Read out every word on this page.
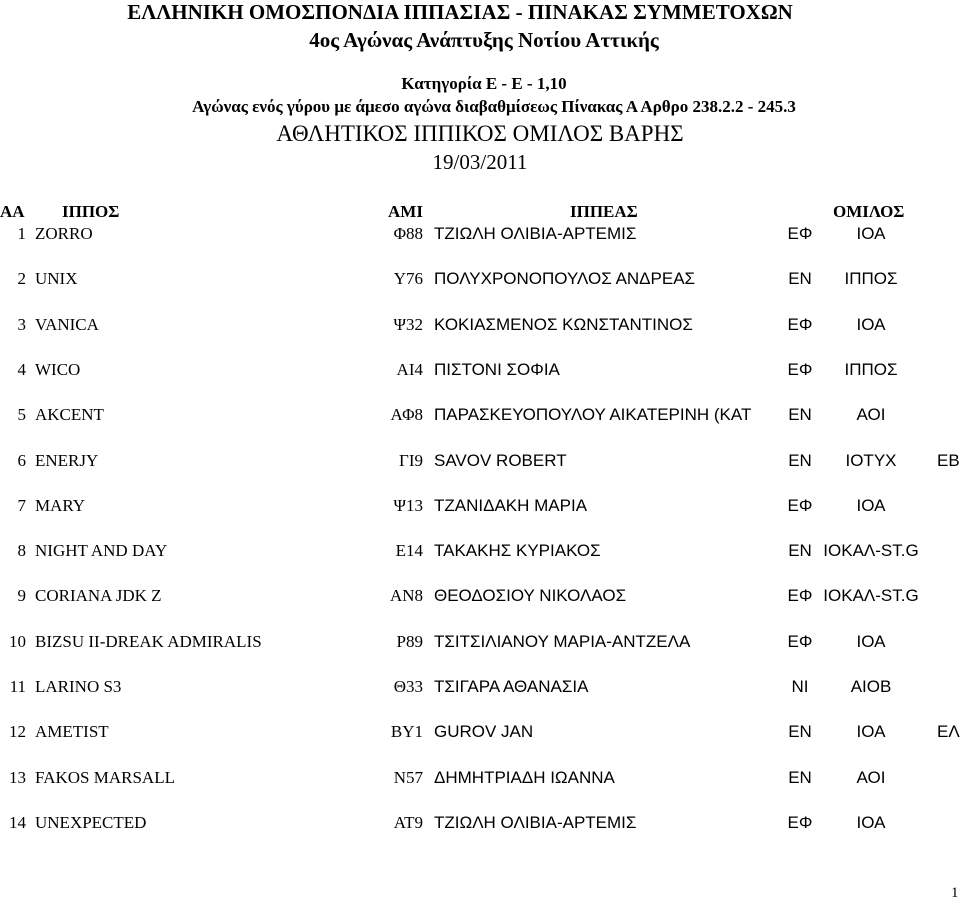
ΕΛΛΗΝΙΚΗ ΟΜΟΣΠΟΝΔΙΑ ΙΠΠΑΣΙΑΣ - ΠΙΝΑΚΑΣ ΣΥΜΜΕΤΟΧΩΝ
4ος Αγώνας Ανάπτυξης Νοτίου Αττικής
Κατηγορία Ε - Ε - 1,10
Αγώνας ενός γύρου με άμεσο αγώνα διαβαθμίσεως Πίνακας Α Αρθρο 238.2.2 - 245.3
ΑΘΛΗΤΙΚΟΣ ΙΠΠΙΚΟΣ ΟΜΙΛΟΣ ΒΑΡΗΣ
19/03/2011
ΑΑ ΙΠΠΟΣ	ΑΜΙ	ΙΠΠΕΑΣ	ΟΜΙΛΟΣ
1 ZORRO	Φ88 ΤΖΙΩΛΗ ΟΛΙΒΙΑ-ΑΡΤΕΜΙΣ	ΕΦ	ΙΟΑ
2 UNIX	Υ76 ΠΟΛΥΧΡΟΝΟΠΟΥΛΟΣ ΑΝΔΡΕΑΣ	ΕΝ	ΙΠΠΟΣ
3 VANICA	Ψ32 ΚΟΚΙΑΣΜΕΝΟΣ ΚΩΝΣΤΑΝΤΙΝΟΣ	ΕΦ	ΙΟΑ
4 WICO	ΑΙ4 ΠΙΣΤΟΝΙ ΣΟΦΙΑ	ΕΦ	ΙΠΠΟΣ
5 AKCENT	ΑΦ8 ΠΑΡΑΣΚΕΥΟΠΟΥΛΟΥ ΑΙΚΑΤΕΡΙΝΗ (ΚΑΤ	ΕΝ	ΑΟΙ
6 ENERJY	ΓΙ9 SAVOV ROBERT	ΕΝ	ΙΟΤΥΧ	ΕΒ
7 MARY	Ψ13 ΤΖΑΝΙΔΑΚΗ ΜΑΡΙΑ	ΕΦ	ΙΟΑ
8 NIGHT AND DAY	Ε14 ΤΑΚΑΚΗΣ ΚΥΡΙΑΚΟΣ	ΕΝ ΙΟΚΑΛ-ST.G
9 CORIANA JDK Z	ΑΝ8 ΘΕΟΔΟΣΙΟΥ ΝΙΚΟΛΑΟΣ	ΕΦ ΙΟΚΑΛ-ST.G
10 BIZSU II-DREAK ADMIRALIS	Ρ89 ΤΣΙΤΣΙΛΙΑΝΟΥ ΜΑΡΙΑ-ΑΝΤΖΕΛΑ	ΕΦ	ΙΟΑ
11 LARINO S3	Θ33 ΤΣΙΓΑΡΑ ΑΘΑΝΑΣΙΑ	ΝΙ	ΑΙΟΒ
12 AMETIST	ΒΥ1 GUROV JAN	ΕΝ	ΙΟΑ	ΕΛ
13 FAKOS MARSALL	Ν57 ΔΗΜΗΤΡΙΑΔΗ ΙΩΑΝΝΑ	ΕΝ	ΑΟΙ
14 UNEXPECTED	ΑΤ9 ΤΖΙΩΛΗ ΟΛΙΒΙΑ-ΑΡΤΕΜΙΣ	ΕΦ	ΙΟΑ
1
